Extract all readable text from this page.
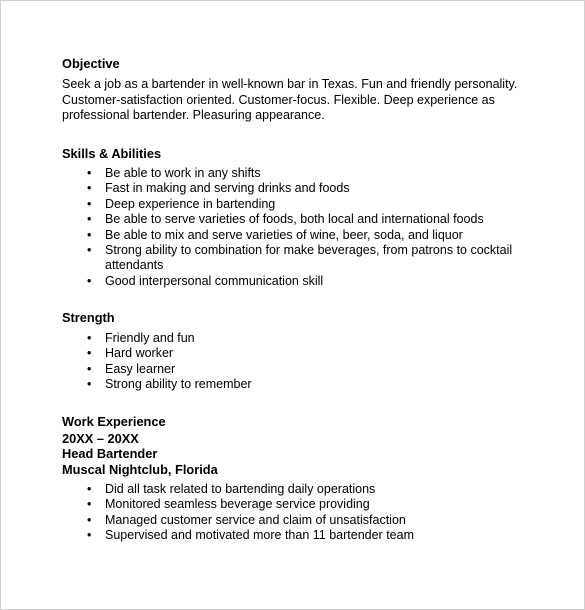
Objective

Seek a job as a bartender in well-known bar in Texas. Fun and friendly personality.
Customer-satisfaction oriented. Customer-focus. Flexible. Deep experience as
professional bartender. Pleasuring appearance.

Skills & Abilities

• Be able to work in any shifts
• Fast in making and serving drinks and foods
• Deep experience in bartending
• Be able to serve varieties of foods, both local and international foods
• Be able to mix and serve varieties of wine, beer, soda, and liquor
• Strong ability to combination for make beverages, from patrons to cocktail
attendants
• Good interpersonal communication skill

Strength

• Friendly and fun
• Hard worker
• Easy learner
• Strong ability to remember

Work Experience

20XX – 20XX

Head Bartender

Muscal Nightclub, Florida

• Did all task related to bartending daily operations
• Monitored seamless beverage service providing
• Managed customer service and claim of unsatisfaction
• Supervised and motivated more than 11 bartender team
